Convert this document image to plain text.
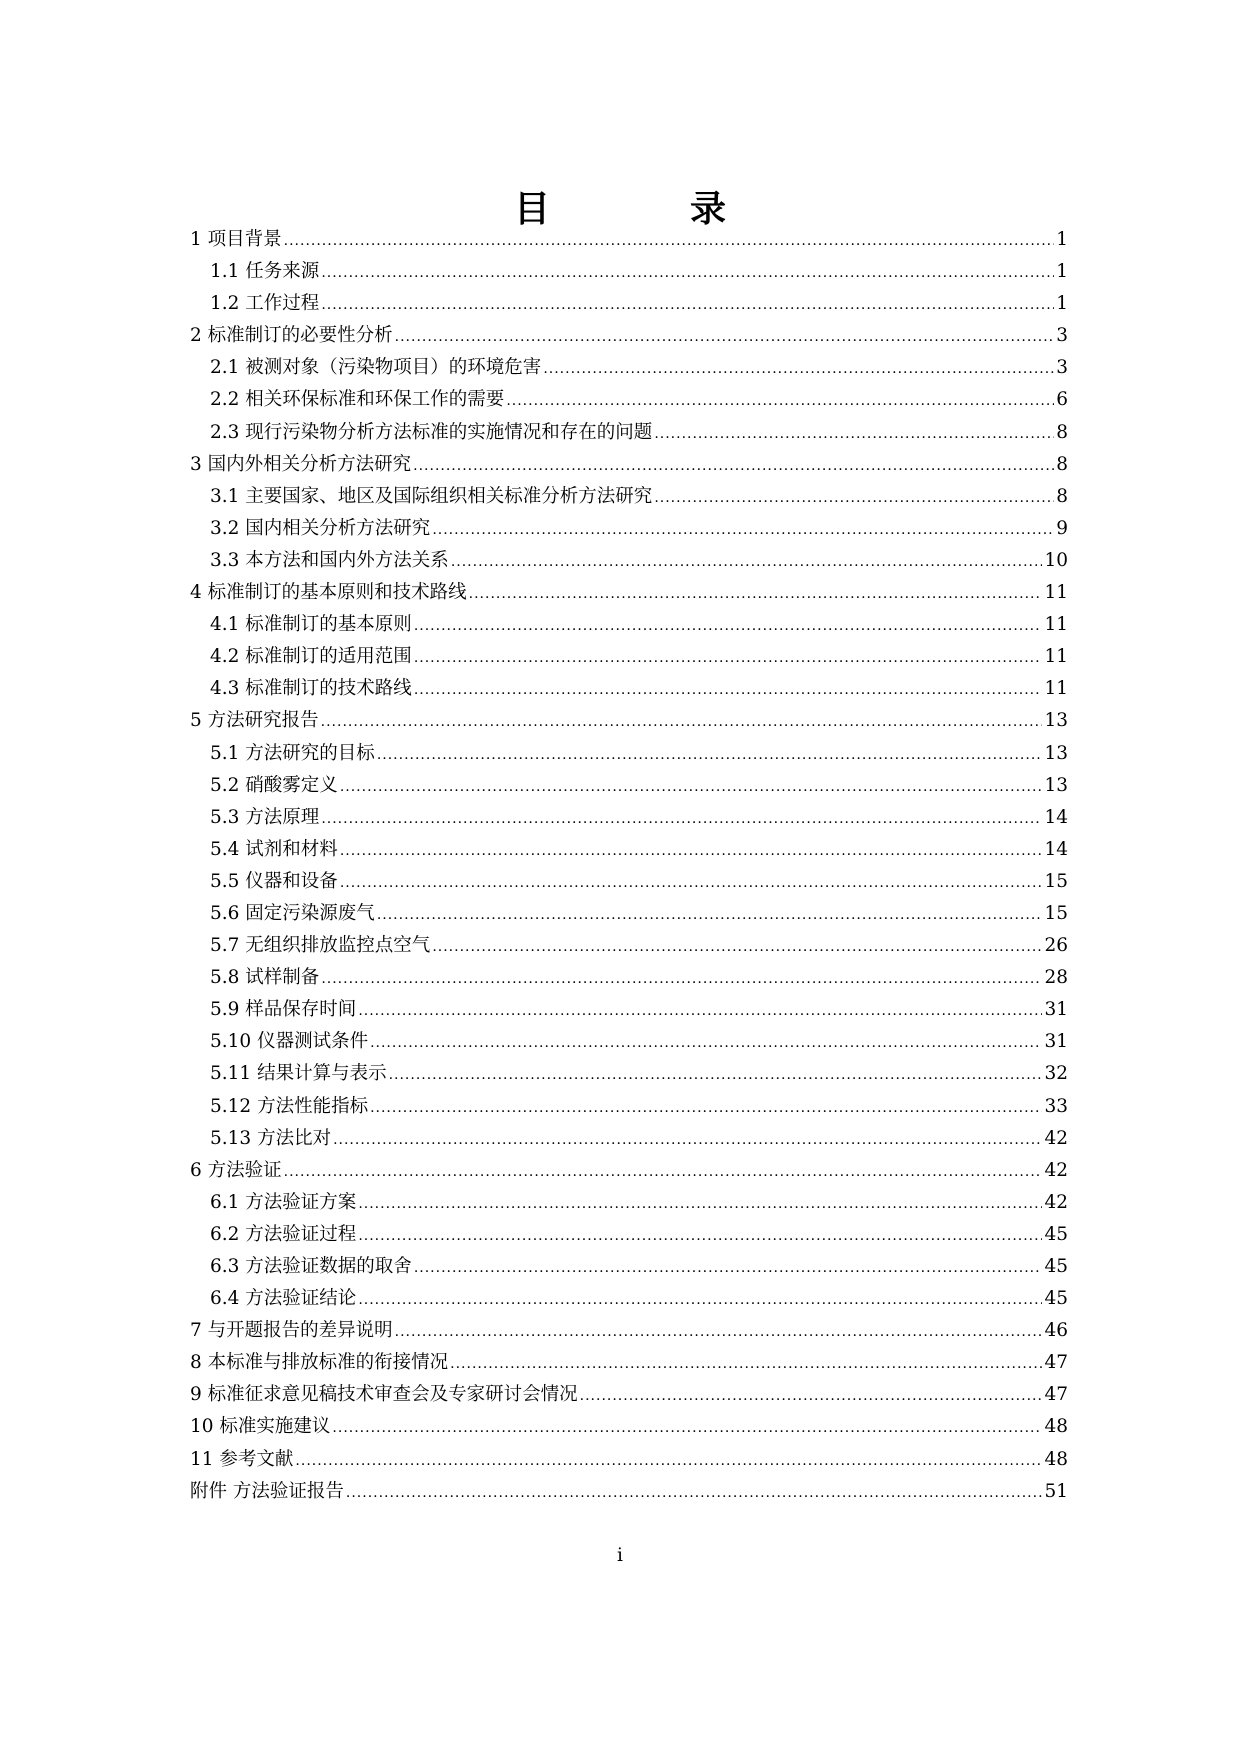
目　录
1 项目背景 .....	1
1.1 任务来源 .....	1
1.2 工作过程 .....	1
2 标准制订的必要性分析 .....	3
2.1 被测对象（污染物项目）的环境危害 .....	3
2.2 相关环保标准和环保工作的需要 .....	6
2.3 现行污染物分析方法标准的实施情况和存在的问题 .....	8
3 国内外相关分析方法研究 .....	8
3.1 主要国家、地区及国际组织相关标准分析方法研究 .....	8
3.2 国内相关分析方法研究 .....	9
3.3 本方法和国内外方法关系 .....	10
4 标准制订的基本原则和技术路线 .....	11
4.1 标准制订的基本原则 .....	11
4.2 标准制订的适用范围 .....	11
4.3 标准制订的技术路线 .....	11
5 方法研究报告 .....	13
5.1 方法研究的目标 .....	13
5.2 硝酸雾定义 .....	13
5.3 方法原理 .....	14
5.4 试剂和材料 .....	14
5.5 仪器和设备 .....	15
5.6 固定污染源废气 .....	15
5.7 无组织排放监控点空气 .....	26
5.8 试样制备 .....	28
5.9 样品保存时间 .....	31
5.10 仪器测试条件 .....	31
5.11 结果计算与表示 .....	32
5.12 方法性能指标 .....	33
5.13 方法比对 .....	42
6 方法验证 .....	42
6.1 方法验证方案 .....	42
6.2 方法验证过程 .....	45
6.3 方法验证数据的取舍 .....	45
6.4 方法验证结论 .....	45
7 与开题报告的差异说明 .....	46
8 本标准与排放标准的衔接情况 .....	47
9 标准征求意见稿技术审查会及专家研讨会情况 .....	47
10 标准实施建议 .....	48
11 参考文献 .....	48
附件 方法验证报告 .....	51
i
